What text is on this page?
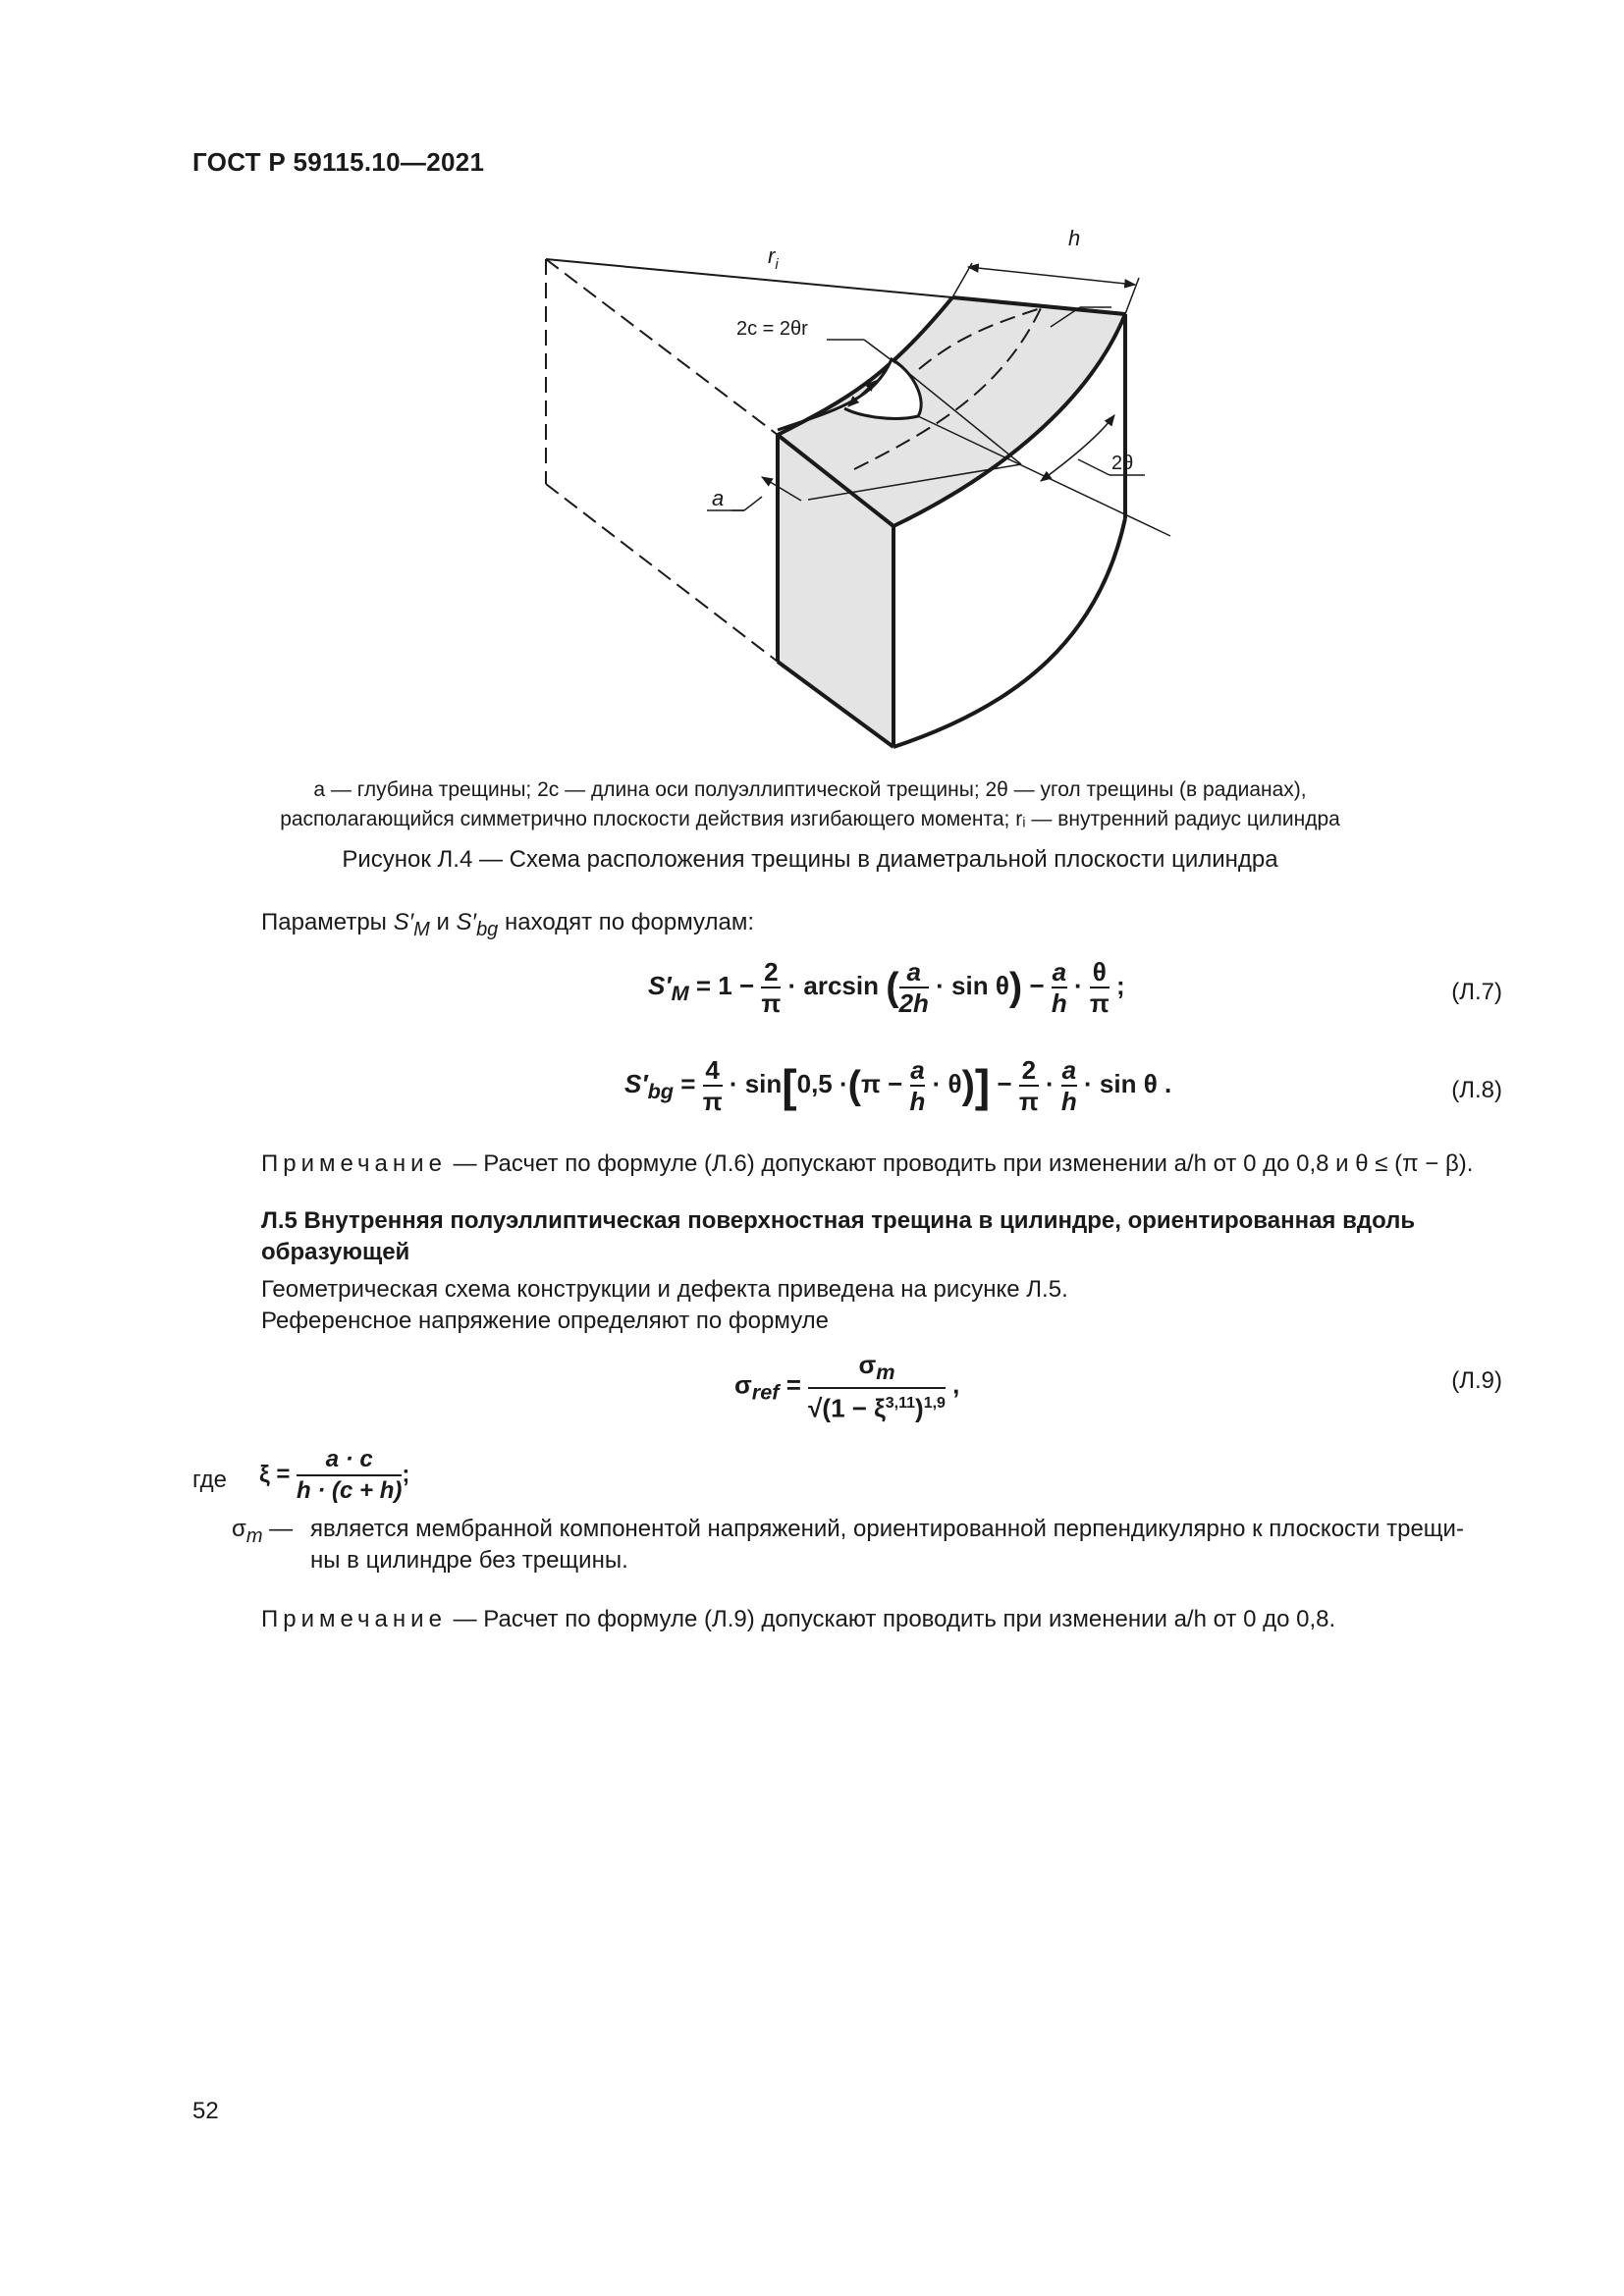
ГОСТ Р 59115.10—2021
$r_i$
h
2c = 2θr
2θ
a
a — глубина трещины; 2c — длина оси полуэллиптической трещины; 2θ — угол трещины (в радианах),
располагающийся симметрично плоскости действия изгибающего момента; rᵢ — внутренний радиус цилиндра
Рисунок Л.4 — Схема расположения трещины в диаметральной плоскости цилиндра
Параметры $S'_M$ и $S'_{bg}$ находят по формулам:
$S'_M = 1 - \frac{2}{\pi} \cdot \arcsin$ ( $\frac{a}{2h} \cdot \sin \theta) - \frac{a}{h} \cdot \frac{\theta}{\pi}$ ;	(Л.7)
$S'_{bg} = \frac{4}{\pi} \cdot \sin[0,5 \cdot(\pi - \frac{a}{h} \cdot \theta)] - \frac{2}{\pi} \cdot \frac{a}{h} \cdot \sin \theta$ .	(Л.8)
Примечание — Расчет по формуле (Л.6) допускают проводить при изменении a/h от 0 до 0,8 и θ ≤ (π − β).
Л.5 Внутренняя полуэллиптическая поверхностная трещина в цилиндре, ориентированная вдоль образующей
Геометрическая схема конструкции и дефекта приведена на рисунке Л.5.
Референсное напряжение определяют по формуле
$\sigma_{ref} = \frac{\sigma_m}{√(1 - \xi^{3,11})^{1,9}}$ ,	(Л.9)
где $\xi = \frac{a \cdot c}{h \cdot (c + h)}$ ;
$\sigma_m$ — является мембранной компонентой напряжений, ориентированной перпендикулярно к плоскости трещи-
ны в цилиндре без трещины.
Примечание — Расчет по формуле (Л.9) допускают проводить при изменении a/h от 0 до 0,8.
52
